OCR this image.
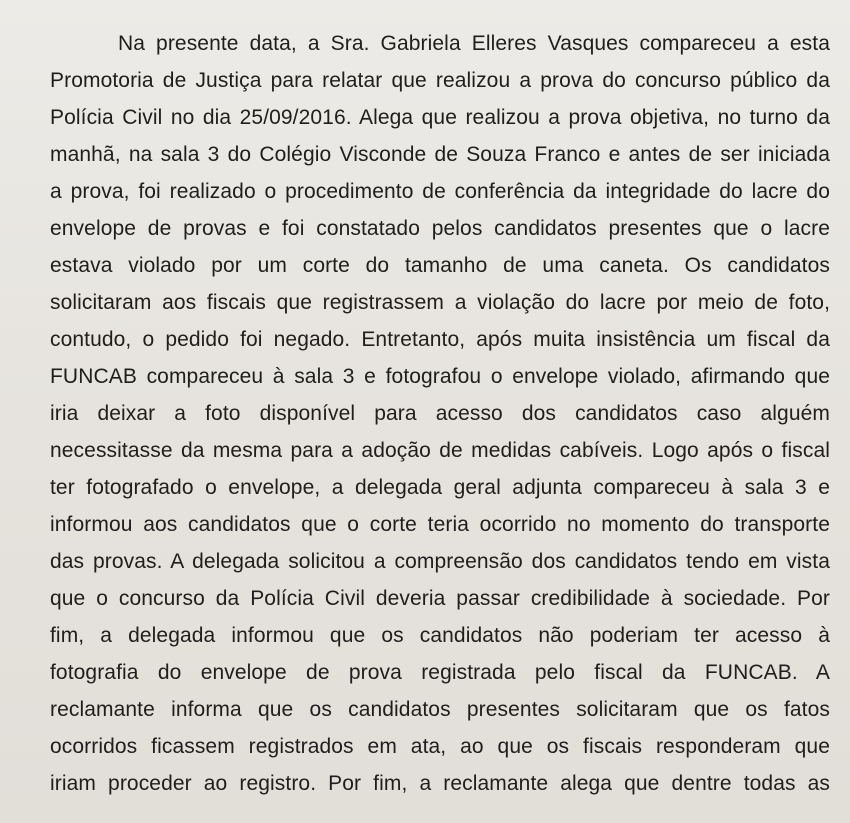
Na presente data, a Sra. Gabriela Elleres Vasques compareceu a esta
Promotoria de Justiça para relatar que realizou a prova do concurso público da
Polícia Civil no dia 25/09/2016. Alega que realizou a prova objetiva, no turno da
manhã, na sala 3 do Colégio Visconde de Souza Franco e antes de ser iniciada
a prova, foi realizado o procedimento de conferência da integridade do lacre do
envelope de provas e foi constatado pelos candidatos presentes que o lacre
estava violado por um corte do tamanho de uma caneta. Os candidatos
solicitaram aos fiscais que registrassem a violação do lacre por meio de foto,
contudo, o pedido foi negado. Entretanto, após muita insistência um fiscal da
FUNCAB compareceu à sala 3 e fotografou o envelope violado, afirmando que
iria deixar a foto disponível para acesso dos candidatos caso alguém
necessitasse da mesma para a adoção de medidas cabíveis. Logo após o fiscal
ter fotografado o envelope, a delegada geral adjunta compareceu à sala 3 e
informou aos candidatos que o corte teria ocorrido no momento do transporte
das provas. A delegada solicitou a compreensão dos candidatos tendo em vista
que o concurso da Polícia Civil deveria passar credibilidade à sociedade. Por
fim, a delegada informou que os candidatos não poderiam ter acesso à
fotografia do envelope de prova registrada pelo fiscal da FUNCAB. A
reclamante informa que os candidatos presentes solicitaram que os fatos
ocorridos ficassem registrados em ata, ao que os fiscais responderam que
iriam proceder ao registro. Por fim, a reclamante alega que dentre todas as
